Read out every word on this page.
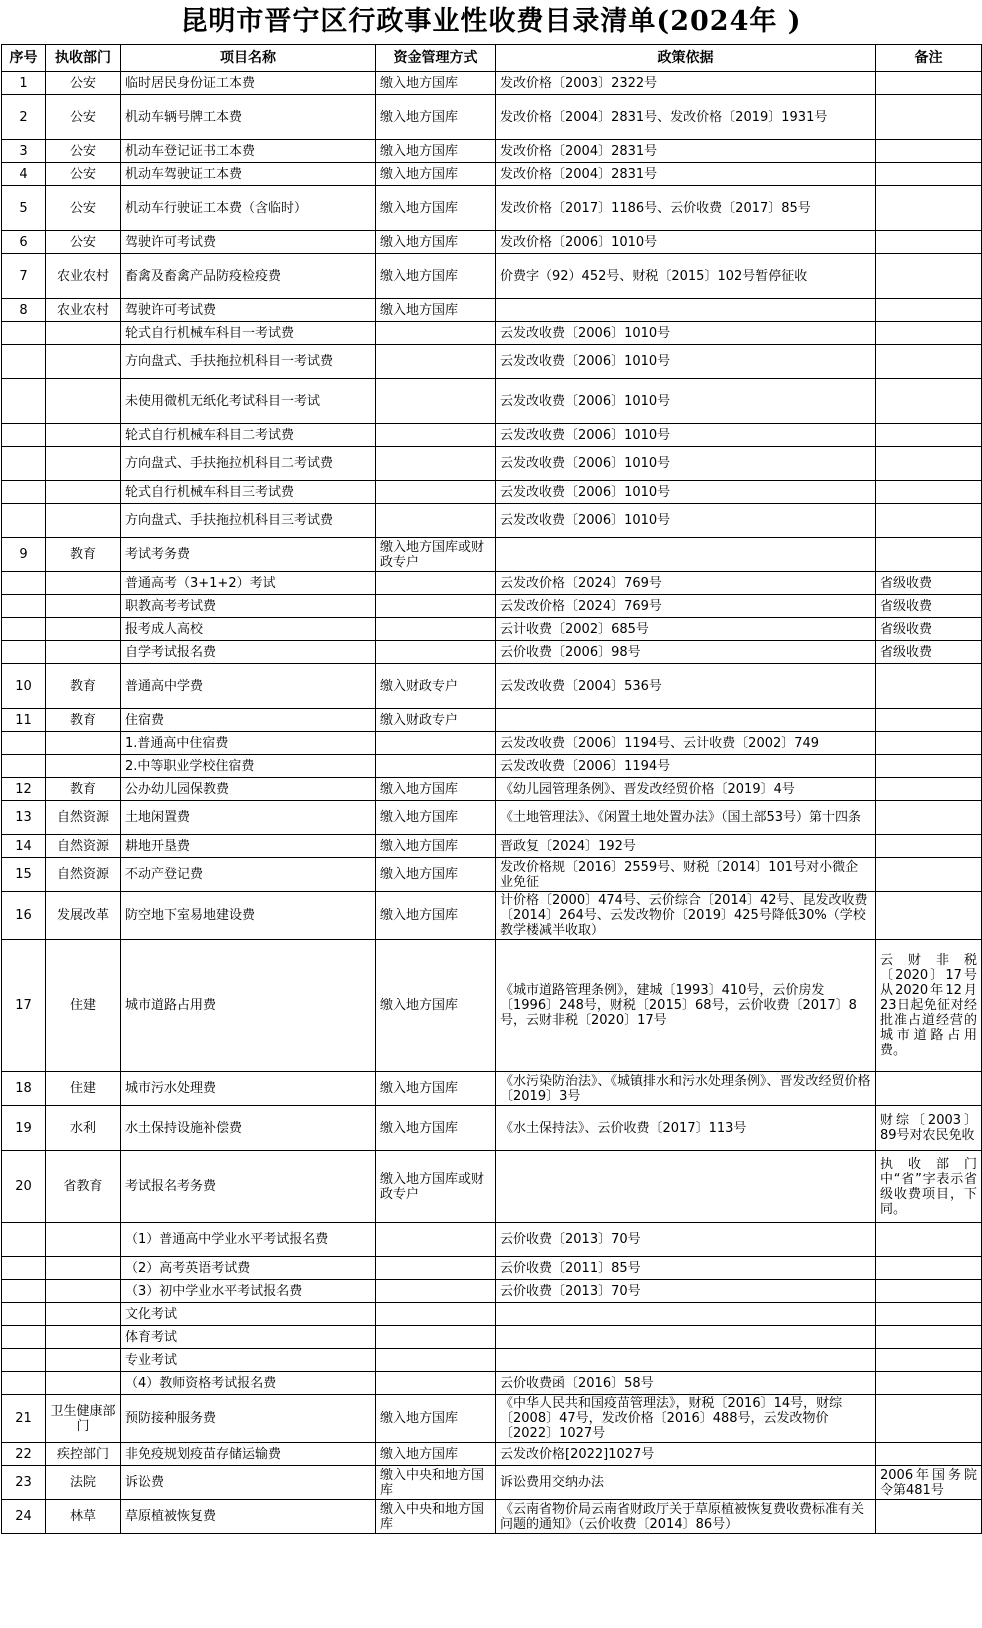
昆明市晋宁区行政事业性收费目录清单(2024年 )
序号	执收部门	项目名称	资金管理方式	政策依据	备注
1	公安	临时居民身份证工本费	缴入地方国库	发改价格〔2003〕2322号	
2	公安	机动车辆号牌工本费	缴入地方国库	发改价格〔2004〕2831号、发改价格〔2019〕1931号	
3	公安	机动车登记证书工本费	缴入地方国库	发改价格〔2004〕2831号	
4	公安	机动车驾驶证工本费	缴入地方国库	发改价格〔2004〕2831号	
5	公安	机动车行驶证工本费（含临时）	缴入地方国库	发改价格〔2017〕1186号、云价收费〔2017〕85号	
6	公安	驾驶许可考试费	缴入地方国库	发改价格〔2006〕1010号	
7	农业农村	畜禽及畜禽产品防疫检疫费	缴入地方国库	价费字（92）452号、财税〔2015〕102号暂停征收	
8	农业农村	驾驶许可考试费	缴入地方国库		
		轮式自行机械车科目一考试费		云发改收费〔2006〕1010号	
		方向盘式、手扶拖拉机科目一考试费		云发改收费〔2006〕1010号	
		未使用微机无纸化考试科目一考试		云发改收费〔2006〕1010号	
		轮式自行机械车科目二考试费		云发改收费〔2006〕1010号	
		方向盘式、手扶拖拉机科目二考试费		云发改收费〔2006〕1010号	
		轮式自行机械车科目三考试费		云发改收费〔2006〕1010号	
		方向盘式、手扶拖拉机科目三考试费		云发改收费〔2006〕1010号	
9	教育	考试考务费	缴入地方国库或财政专户		
		普通高考（3+1+2）考试		云发改价格〔2024〕769号	省级收费
		职教高考考试费		云发改价格〔2024〕769号	省级收费
		报考成人高校		云计收费〔2002〕685号	省级收费
		自学考试报名费		云价收费〔2006〕98号	省级收费
10	教育	普通高中学费	缴入财政专户	云发改收费〔2004〕536号	
11	教育	住宿费	缴入财政专户		
		1.普通高中住宿费		云发改收费〔2006〕1194号、云计收费〔2002〕749	
		2.中等职业学校住宿费		云发改收费〔2006〕1194号	
12	教育	公办幼儿园保教费	缴入地方国库	《幼儿园管理条例》、晋发改经贸价格〔2019〕4号	
13	自然资源	土地闲置费	缴入地方国库	《土地管理法》、《闲置土地处置办法》（国土部53号）第十四条	
14	自然资源	耕地开垦费	缴入地方国库	晋政复〔2024〕192号	
15	自然资源	不动产登记费	缴入地方国库	发改价格规〔2016〕2559号、财税〔2014〕101号对小微企业免征	
16	发展改革	防空地下室易地建设费	缴入地方国库	计价格〔2000〕474号、云价综合〔2014〕42号、昆发改收费〔2014〕264号、云发改物价〔2019〕425号降低30%（学校教学楼减半收取）	
17	住建	城市道路占用费	缴入地方国库	《城市道路管理条例》，建城〔1993〕410号，云价房发〔1996〕248号，财税〔2015〕68号，云价收费〔2017〕8号，云财非税〔2020〕17号	云财非税〔2020〕17号从2020年12月23日起免征对经批准占道经营的城市道路占用费。
18	住建	城市污水处理费	缴入地方国库	《水污染防治法》、《城镇排水和污水处理条例》、晋发改经贸价格〔2019〕3号	
19	水利	水土保持设施补偿费	缴入地方国库	《水土保持法》、云价收费〔2017〕113号	财综〔2003〕89号对农民免收
20	省教育	考试报名考务费	缴入地方国库或财政专户		执收部门中“省”字表示省级收费项目，下同。
		（1）普通高中学业水平考试报名费		云价收费〔2013〕70号	
		（2）高考英语考试费		云价收费〔2011〕85号	
		（3）初中学业水平考试报名费		云价收费〔2013〕70号	
		文化考试			
		体育考试			
		专业考试			
		（4）教师资格考试报名费		云价收费函〔2016〕58号	
21	卫生健康部门	预防接种服务费	缴入地方国库	《中华人民共和国疫苗管理法》，财税〔2016〕14号，财综〔2008〕47号，发改价格〔2016〕488号，云发改物价〔2022〕1027号	
22	疾控部门	非免疫规划疫苗存储运输费	缴入地方国库	云发改价格[2022]1027号	
23	法院	诉讼费	缴入中央和地方国库	诉讼费用交纳办法	2006年国务院令第481号
24	林草	草原植被恢复费	缴入中央和地方国库	《云南省物价局云南省财政厅关于草原植被恢复费收费标准有关问题的通知》（云价收费〔2014〕86号）	
